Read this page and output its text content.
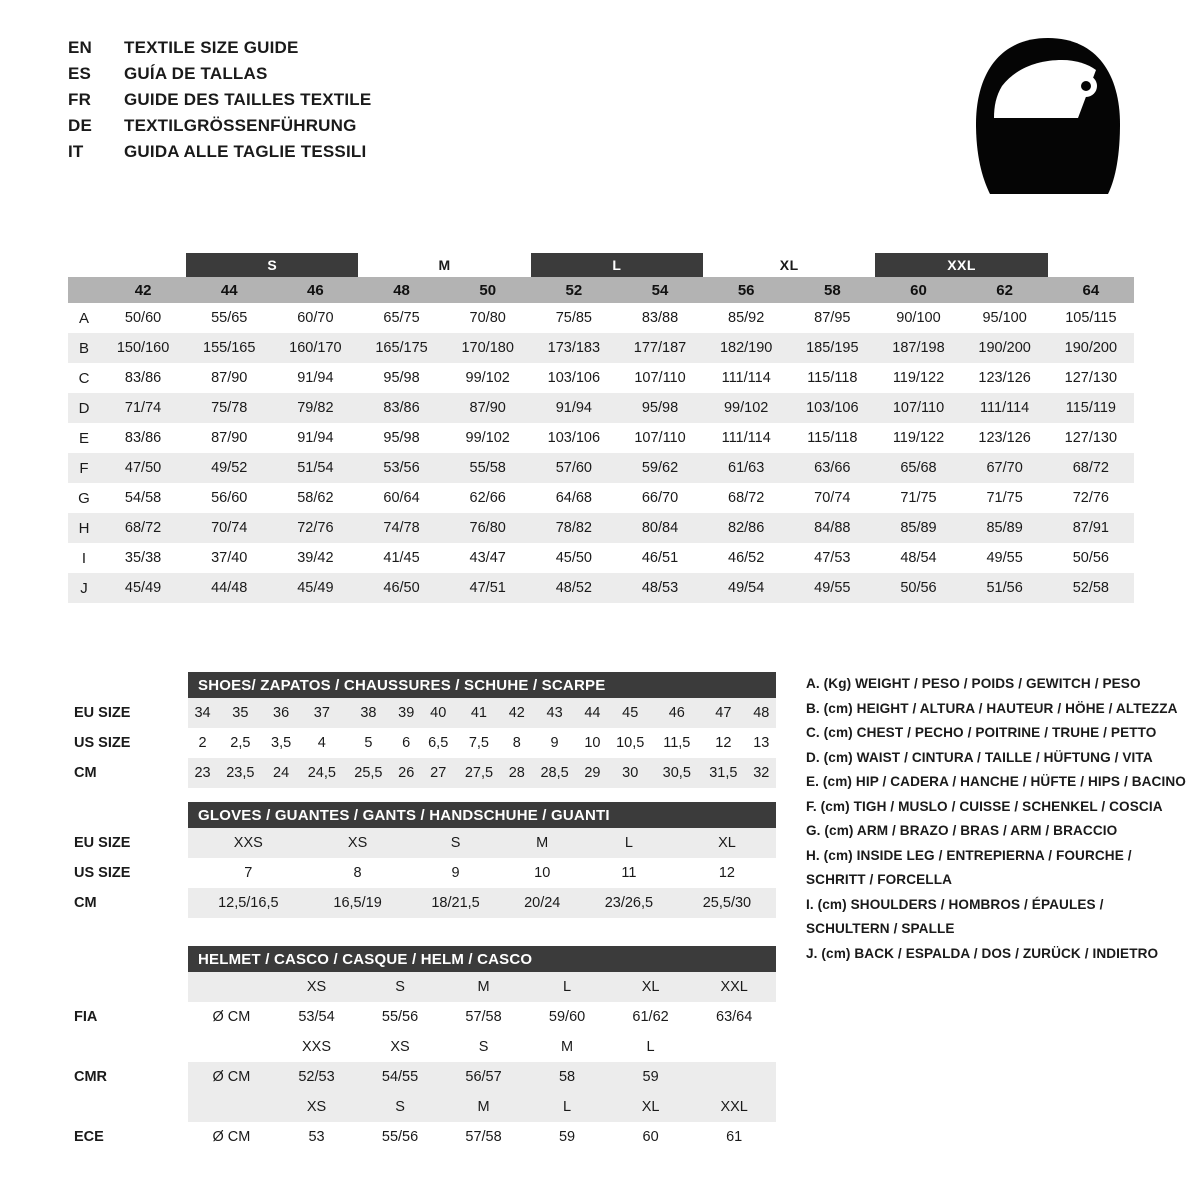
EN	TEXTILE SIZE GUIDE
ES	GUÍA DE TALLAS
FR	GUIDE DES TAILLES TEXTILE
DE	TEXTILGRÖSSENFÜHRUNG
IT	GUIDA ALLE TAGLIE TESSILI
		S		M		L		XL		XXL		
	42	44	46	48	50	52	54	56	58	60	62	64
A	50/60	55/65	60/70	65/75	70/80	75/85	83/88	85/92	87/95	90/100	95/100	105/115
B	150/160	155/165	160/170	165/175	170/180	173/183	177/187	182/190	185/195	187/198	190/200	190/200
C	83/86	87/90	91/94	95/98	99/102	103/106	107/110	111/114	115/118	119/122	123/126	127/130
D	71/74	75/78	79/82	83/86	87/90	91/94	95/98	99/102	103/106	107/110	111/114	115/119
E	83/86	87/90	91/94	95/98	99/102	103/106	107/110	111/114	115/118	119/122	123/126	127/130
F	47/50	49/52	51/54	53/56	55/58	57/60	59/62	61/63	63/66	65/68	67/70	68/72
G	54/58	56/60	58/62	60/64	62/66	64/68	66/70	68/72	70/74	71/75	71/75	72/76
H	68/72	70/74	72/76	74/78	76/80	78/82	80/84	82/86	84/88	85/89	85/89	87/91
I	35/38	37/40	39/42	41/45	43/47	45/50	46/51	46/52	47/53	48/54	49/55	50/56
J	45/49	44/48	45/49	46/50	47/51	48/52	48/53	49/54	49/55	50/56	51/56	52/58
	SHOES/ ZAPATOS / CHAUSSURES / SCHUHE / SCARPE														
EU SIZE	34	35	36	37	38	39	40	41	42	43	44	45	46	47	48
US SIZE	2	2,5	3,5	4	5	6	6,5	7,5	8	9	10	10,5	11,5	12	13
CM	23	23,5	24	24,5	25,5	26	27	27,5	28	28,5	29	30	30,5	31,5	32
	GLOVES / GUANTES / GANTS / HANDSCHUHE / GUANTI					
EU SIZE	XXS	XS	S	M	L	XL
US SIZE	7	8	9	10	11	12
CM	12,5/16,5	16,5/19	18/21,5	20/24	23/26,5	25,5/30
	HELMET / CASCO / CASQUE / HELM / CASCO						
		XS	S	M	L	XL	XXL
FIA	Ø CM	53/54	55/56	57/58	59/60	61/62	63/64
		XXS	XS	S	M	L	
CMR	Ø CM	52/53	54/55	56/57	58	59	
		XS	S	M	L	XL	XXL
ECE	Ø CM	53	55/56	57/58	59	60	61
A. (Kg) WEIGHT / PESO / POIDS / GEWITCH / PESO
B. (cm) HEIGHT / ALTURA / HAUTEUR / HÖHE / ALTEZZA
C. (cm) CHEST / PECHO / POITRINE / TRUHE / PETTO
D. (cm) WAIST / CINTURA / TAILLE / HÜFTUNG / VITA
E. (cm) HIP / CADERA / HANCHE / HÜFTE / HIPS / BACINO
F. (cm) TIGH / MUSLO / CUISSE / SCHENKEL / COSCIA
G. (cm) ARM / BRAZO / BRAS / ARM / BRACCIO
H. (cm) INSIDE LEG / ENTREPIERNA / FOURCHE /
SCHRITT / FORCELLA
I. (cm) SHOULDERS / HOMBROS / ÉPAULES /
SCHULTERN / SPALLE
J. (cm) BACK / ESPALDA / DOS / ZURÜCK / INDIETRO
